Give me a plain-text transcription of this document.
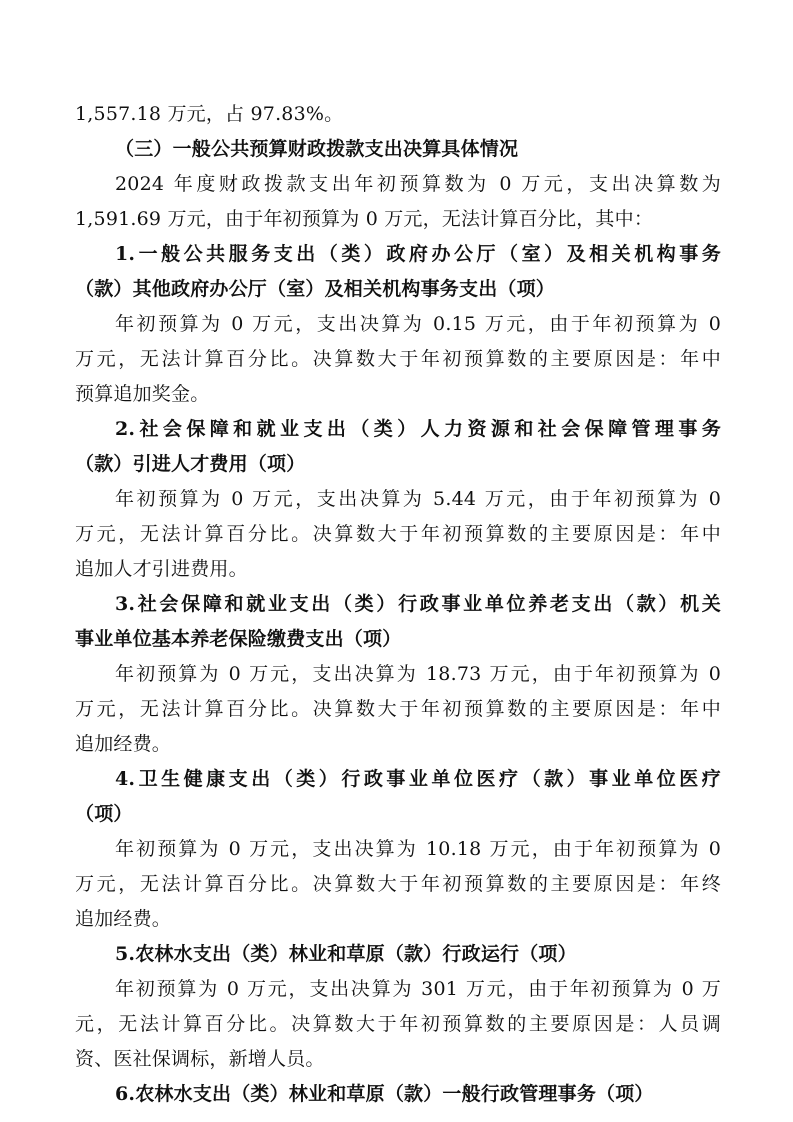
1,557.18 万元，占 97.83%。
（三）一般公共预算财政拨款支出决算具体情况
2024 年度财政拨款支出年初预算数为 0 万元，支出决算数为
1,591.69 万元，由于年初预算为 0 万元，无法计算百分比，其中：
1.一般公共服务支出（类）政府办公厅（室）及相关机构事务
（款）其他政府办公厅（室）及相关机构事务支出（项）
年初预算为 0 万元，支出决算为 0.15 万元，由于年初预算为 0
万元，无法计算百分比。决算数大于年初预算数的主要原因是：年中
预算追加奖金。
2.社会保障和就业支出（类）人力资源和社会保障管理事务
（款）引进人才费用（项）
年初预算为 0 万元，支出决算为 5.44 万元，由于年初预算为 0
万元，无法计算百分比。决算数大于年初预算数的主要原因是：年中
追加人才引进费用。
3.社会保障和就业支出（类）行政事业单位养老支出（款）机关
事业单位基本养老保险缴费支出（项）
年初预算为 0 万元，支出决算为 18.73 万元，由于年初预算为 0
万元，无法计算百分比。决算数大于年初预算数的主要原因是：年中
追加经费。
4.卫生健康支出（类）行政事业单位医疗（款）事业单位医疗
（项）
年初预算为 0 万元，支出决算为 10.18 万元，由于年初预算为 0
万元，无法计算百分比。决算数大于年初预算数的主要原因是：年终
追加经费。
5.农林水支出（类）林业和草原（款）行政运行（项）
年初预算为 0 万元，支出决算为 301 万元，由于年初预算为 0 万
元，无法计算百分比。决算数大于年初预算数的主要原因是：人员调
资、医社保调标，新增人员。
6.农林水支出（类）林业和草原（款）一般行政管理事务（项）
